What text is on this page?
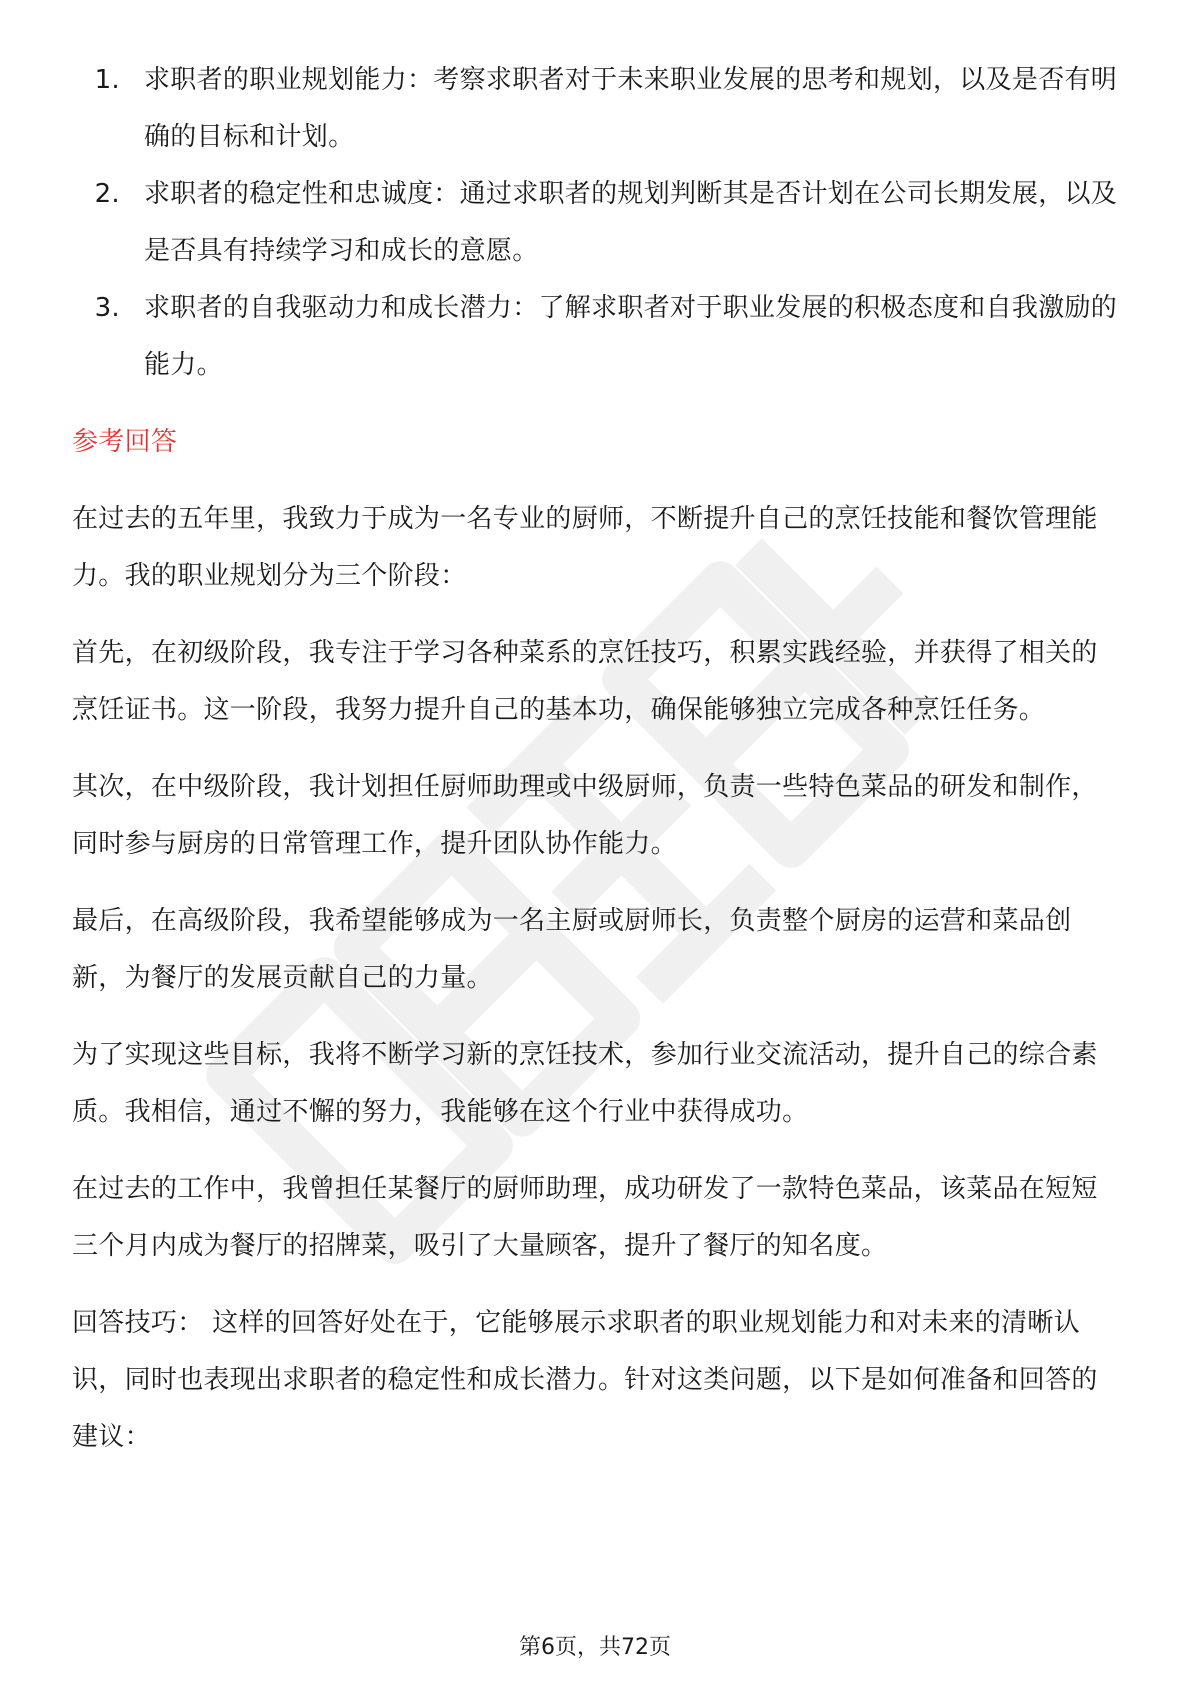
1. 求职者的职业规划能力：考察求职者对于未来职业发展的思考和规划，以及是否有明确的目标和计划。
2. 求职者的稳定性和忠诚度：通过求职者的规划判断其是否计划在公司长期发展，以及是否具有持续学习和成长的意愿。
3. 求职者的自我驱动力和成长潜力：了解求职者对于职业发展的积极态度和自我激励的能力。
参考回答

在过去的五年里，我致力于成为一名专业的厨师，不断提升自己的烹饪技能和餐饮管理能力。我的职业规划分为三个阶段：

首先，在初级阶段，我专注于学习各种菜系的烹饪技巧，积累实践经验，并获得了相关的烹饪证书。这一阶段，我努力提升自己的基本功，确保能够独立完成各种烹饪任务。

其次，在中级阶段，我计划担任厨师助理或中级厨师，负责一些特色菜品的研发和制作，同时参与厨房的日常管理工作，提升团队协作能力。

最后，在高级阶段，我希望能够成为一名主厨或厨师长，负责整个厨房的运营和菜品创新，为餐厅的发展贡献自己的力量。

为了实现这些目标，我将不断学习新的烹饪技术，参加行业交流活动，提升自己的综合素质。我相信，通过不懈的努力，我能够在这个行业中获得成功。

在过去的工作中，我曾担任某餐厅的厨师助理，成功研发了一款特色菜品，该菜品在短短三个月内成为餐厅的招牌菜，吸引了大量顾客，提升了餐厅的知名度。

回答技巧： 这样的回答好处在于，它能够展示求职者的职业规划能力和对未来的清晰认识，同时也表现出求职者的稳定性和成长潜力。针对这类问题，以下是如何准备和回答的建议：

第6页，共72页
